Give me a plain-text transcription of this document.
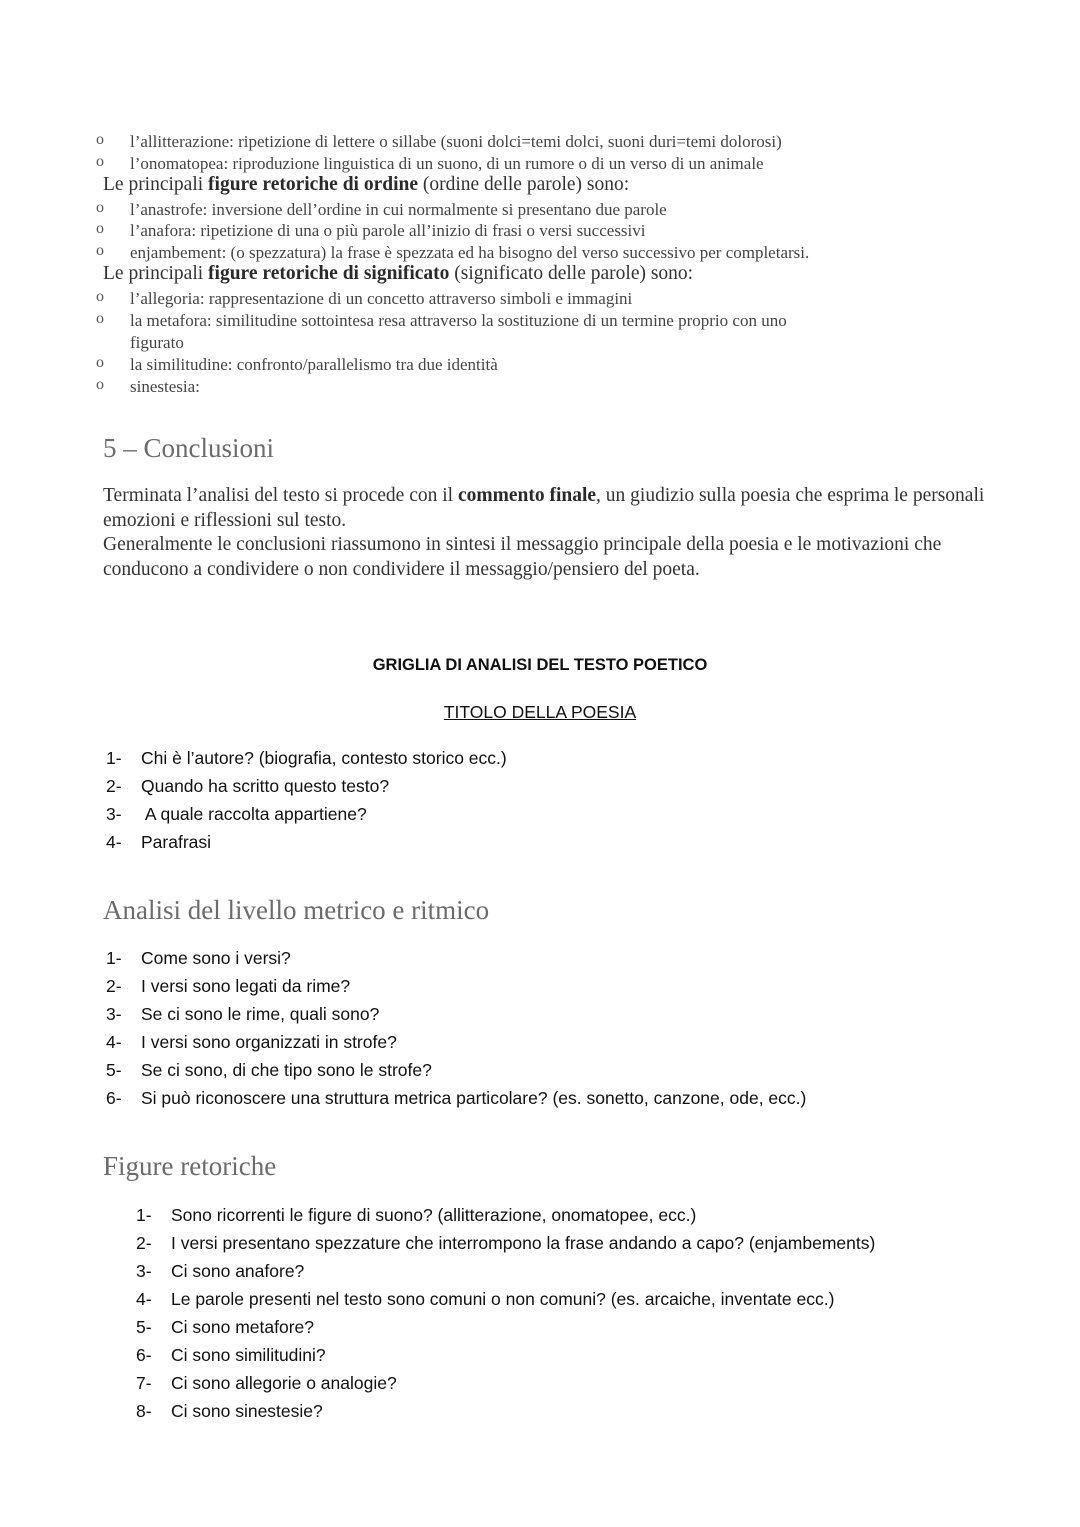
o l’allitterazione: ripetizione di lettere o sillabe (suoni dolci=temi dolci, suoni duri=temi dolorosi)
o l’onomatopea: riproduzione linguistica di un suono, di un rumore o di un verso di un animale
Le principali figure retoriche di ordine (ordine delle parole) sono:
o l’anastrofe: inversione dell’ordine in cui normalmente si presentano due parole
o l’anafora: ripetizione di una o più parole all’inizio di frasi o versi successivi
o enjambement: (o spezzatura) la frase è spezzata ed ha bisogno del verso successivo per completarsi.
Le principali figure retoriche di significato (significato delle parole) sono:
o l’allegoria: rappresentazione di un concetto attraverso simboli e immagini
o la metafora: similitudine sottointesa resa attraverso la sostituzione di un termine proprio con uno
figurato
o la similitudine: confronto/parallelismo tra due identità
o sinestesia:
5 – Conclusioni
Terminata l’analisi del testo si procede con il commento finale, un giudizio sulla poesia che esprima le personali emozioni e riflessioni sul testo.
Generalmente le conclusioni riassumono in sintesi il messaggio principale della poesia e le motivazioni che conducono a condividere o non condividere il messaggio/pensiero del poeta.
GRIGLIA DI ANALISI DEL TESTO POETICO
TITOLO DELLA POESIA
1- Chi è l’autore? (biografia, contesto storico ecc.)
2- Quando ha scritto questo testo?
3- A quale raccolta appartiene?
4- Parafrasi
Analisi del livello metrico e ritmico
1- Come sono i versi?
2- I versi sono legati da rime?
3- Se ci sono le rime, quali sono?
4- I versi sono organizzati in strofe?
5- Se ci sono, di che tipo sono le strofe?
6- Si può riconoscere una struttura metrica particolare? (es. sonetto, canzone, ode, ecc.)
Figure retoriche
1- Sono ricorrenti le figure di suono? (allitterazione, onomatopee, ecc.)
2- I versi presentano spezzature che interrompono la frase andando a capo? (enjambements)
3- Ci sono anafore?
4- Le parole presenti nel testo sono comuni o non comuni? (es. arcaiche, inventate ecc.)
5- Ci sono metafore?
6- Ci sono similitudini?
7- Ci sono allegorie o analogie?
8- Ci sono sinestesie?
